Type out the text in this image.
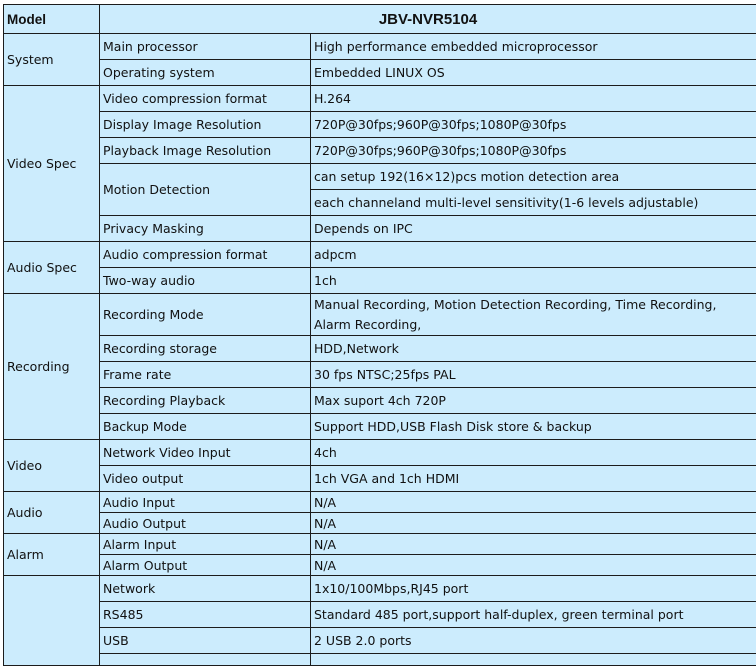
Model	JBV-NVR5104	
System	Main processor	High performance embedded microprocessor
	Operating system	Embedded LINUX OS
Video Spec	Video compression format	H.264
	Display Image Resolution	720P@30fps;960P@30fps;1080P@30fps
	Playback Image Resolution	720P@30fps;960P@30fps;1080P@30fps
	Motion Detection	can setup 192(16×12)pcs motion detection area
		each channeland multi-level sensitivity(1-6 levels adjustable)
	Privacy Masking	Depends on IPC
Audio Spec	Audio compression format	adpcm
	Two-way audio	1ch
Recording	Recording Mode	Manual Recording, Motion Detection Recording, Time Recording, Alarm Recording,
	Recording storage	HDD,Network
	Frame rate	30 fps NTSC;25fps PAL
	Recording Playback	Max suport 4ch 720P
	Backup Mode	Support HDD,USB Flash Disk store & backup
Video	Network Video Input	4ch
	Video output	1ch VGA and 1ch HDMI
Audio	Audio Input	N/A
	Audio Output	N/A
Alarm	Alarm Input	N/A
	Alarm Output	N/A
	Network	1x10/100Mbps,RJ45 port
	RS485	Standard 485 port,support half-duplex, green terminal port
	USB	2 USB 2.0 ports
